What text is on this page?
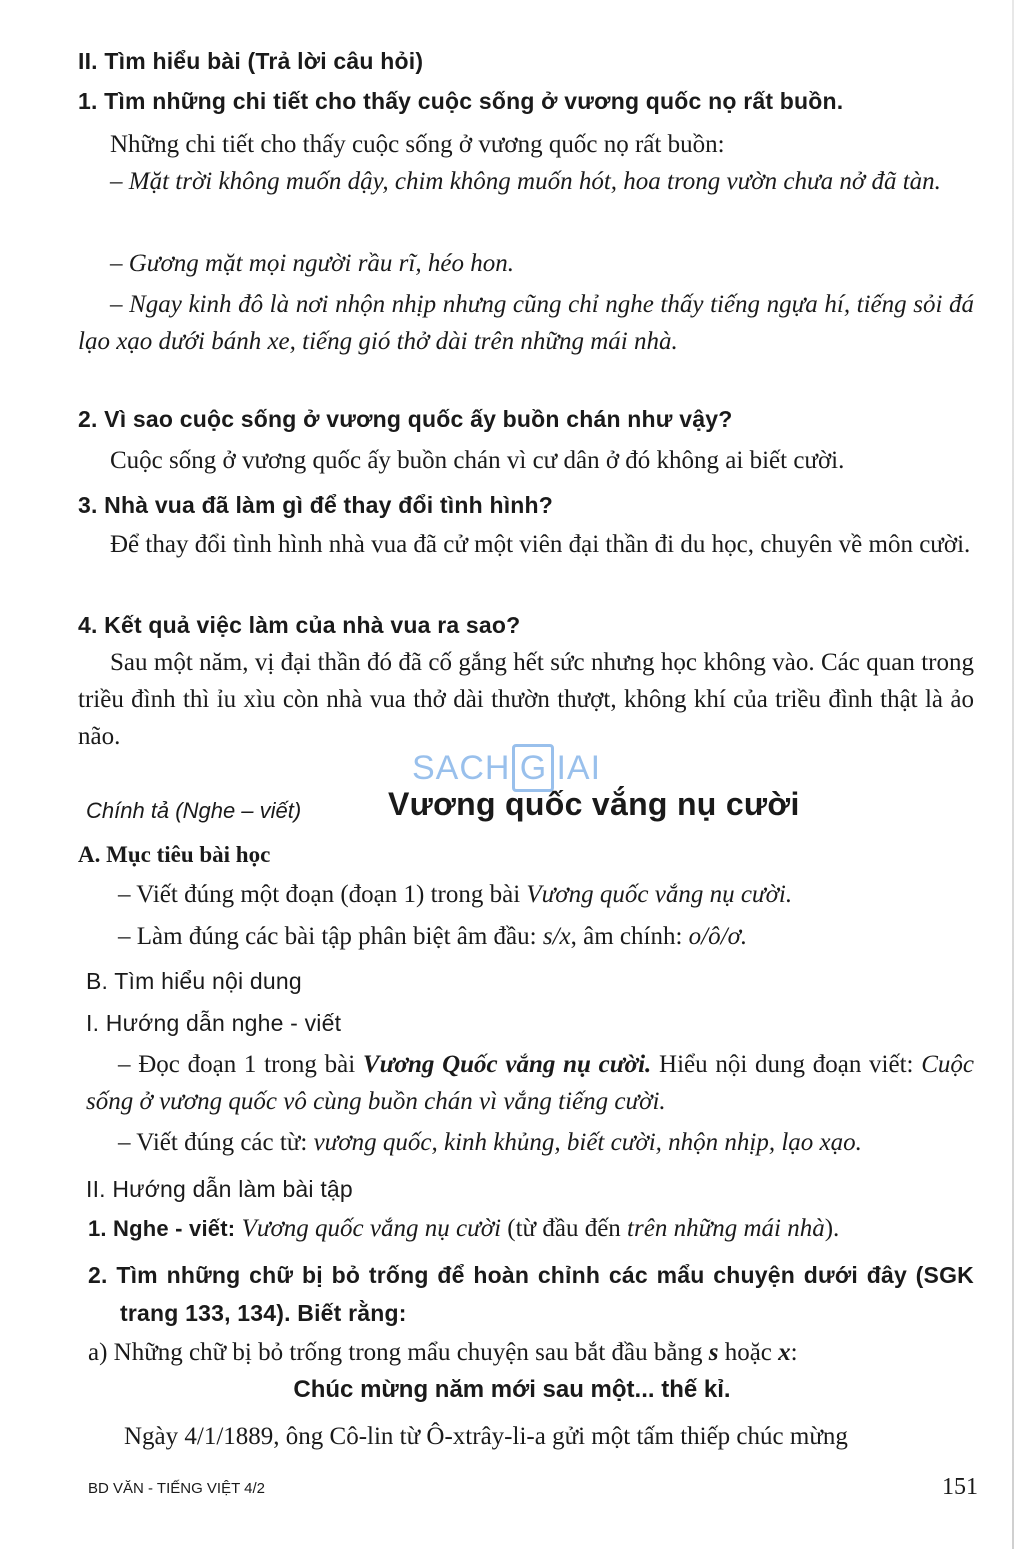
II. Tìm hiểu bài (Trả lời câu hỏi)
1. Tìm những chi tiết cho thấy cuộc sống ở vương quốc nọ rất buồn.
Những chi tiết cho thấy cuộc sống ở vương quốc nọ rất buồn:
– Mặt trời không muốn dậy, chim không muốn hót, hoa trong vườn chưa nở đã tàn.
– Gương mặt mọi người rầu rĩ, héo hon.
– Ngay kinh đô là nơi nhộn nhịp nhưng cũng chỉ nghe thấy tiếng ngựa hí, tiếng sỏi đá lạo xạo dưới bánh xe, tiếng gió thở dài trên những mái nhà.
2. Vì sao cuộc sống ở vương quốc ấy buồn chán như vậy?
Cuộc sống ở vương quốc ấy buồn chán vì cư dân ở đó không ai biết cười.
3. Nhà vua đã làm gì để thay đổi tình hình?
Để thay đổi tình hình nhà vua đã cử một viên đại thần đi du học, chuyên về môn cười.
4. Kết quả việc làm của nhà vua ra sao?
Sau một năm, vị đại thần đó đã cố gắng hết sức nhưng học không vào. Các quan trong triều đình thì ỉu xìu còn nhà vua thở dài thườn thượt, không khí của triều đình thật là ảo não.
SACH G IAI
Chính tả (Nghe – viết)	Vương quốc vắng nụ cười
A. Mục tiêu bài học
– Viết đúng một đoạn (đoạn 1) trong bài Vương quốc vắng nụ cười.
– Làm đúng các bài tập phân biệt âm đầu: s/x, âm chính: o/ô/ơ.
B. Tìm hiểu nội dung
I. Hướng dẫn nghe - viết
– Đọc đoạn 1 trong bài Vương Quốc vắng nụ cười. Hiểu nội dung đoạn viết: Cuộc sống ở vương quốc vô cùng buồn chán vì vắng tiếng cười.
– Viết đúng các từ: vương quốc, kinh khủng, biết cười, nhộn nhịp, lạo xạo.
II. Hướng dẫn làm bài tập
1. Nghe - viết: Vương quốc vắng nụ cười (từ đầu đến trên những mái nhà).
2. Tìm những chữ bị bỏ trống để hoàn chỉnh các mẩu chuyện dưới đây (SGK trang 133, 134). Biết rằng:
a) Những chữ bị bỏ trống trong mẩu chuyện sau bắt đầu bằng s hoặc x:
Chúc mừng năm mới sau một... thế kỉ.
Ngày 4/1/1889, ông Cô-lin từ Ô-xtrây-li-a gửi một tấm thiếp chúc mừng
BD VĂN - TIẾNG VIỆT 4/2	151
